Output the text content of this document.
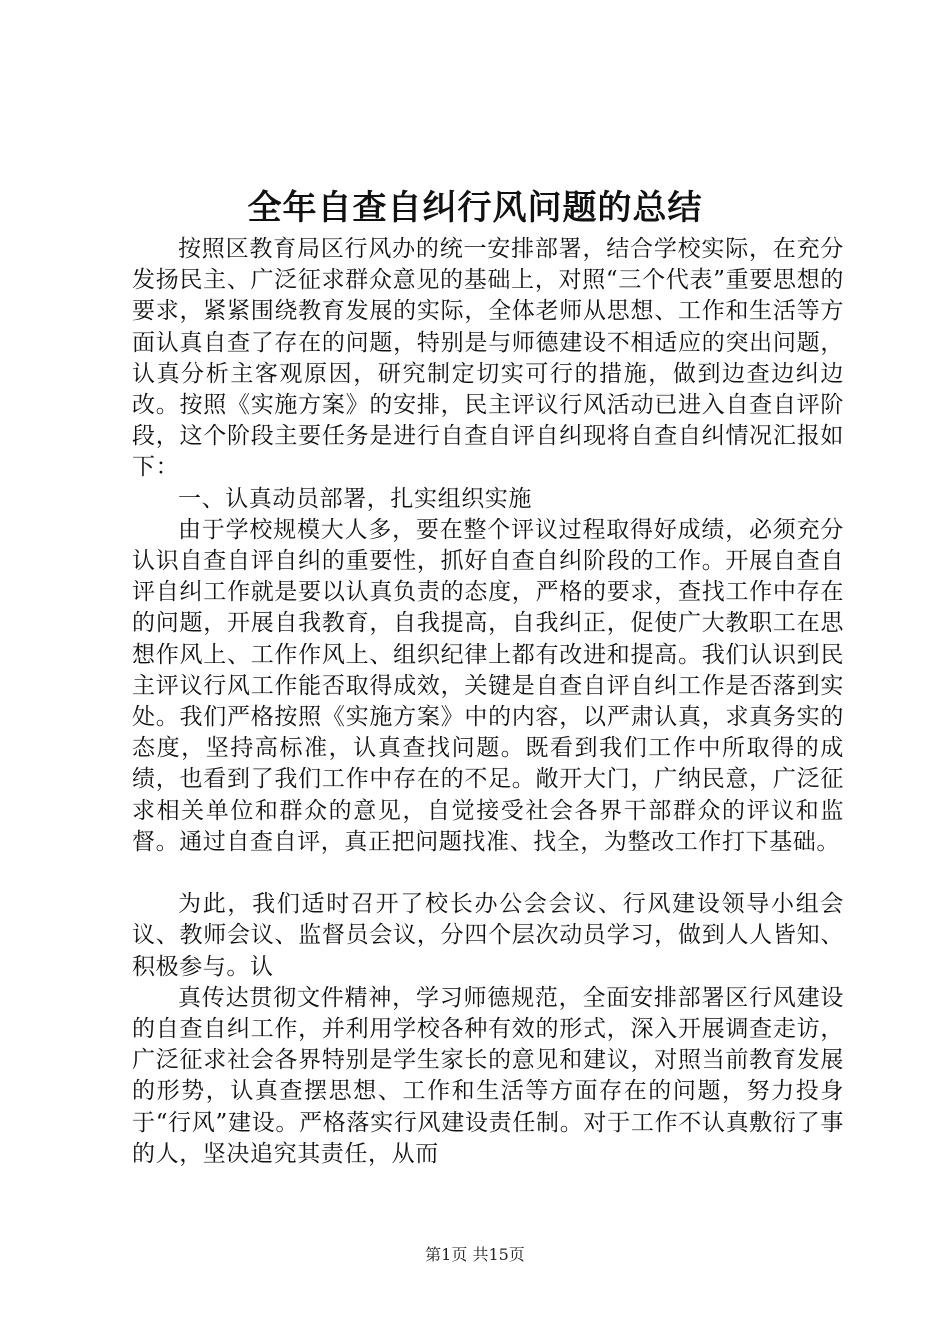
全年自查自纠行风问题的总结

按照区教育局区行风办的统一安排部署，结合学校实际，在充分发扬民主、广泛征求群众意见的基础上，对照“三个代表”重要思想的要求，紧紧围绕教育发展的实际，全体老师从思想、工作和生活等方面认真自查了存在的问题，特别是与师德建设不相适应的突出问题，认真分析主客观原因，研究制定切实可行的措施，做到边查边纠边改。按照《实施方案》的安排，民主评议行风活动已进入自查自评阶段，这个阶段主要任务是进行自查自评自纠现将自查自纠情况汇报如下：

一、认真动员部署，扎实组织实施

由于学校规模大人多，要在整个评议过程取得好成绩，必须充分认识自查自评自纠的重要性，抓好自查自纠阶段的工作。开展自查自评自纠工作就是要以认真负责的态度，严格的要求，查找工作中存在的问题，开展自我教育，自我提高，自我纠正，促使广大教职工在思想作风上、工作作风上、组织纪律上都有改进和提高。我们认识到民主评议行风工作能否取得成效，关键是自查自评自纠工作是否落到实处。我们严格按照《实施方案》中的内容，以严肃认真，求真务实的态度，坚持高标准，认真查找问题。既看到我们工作中所取得的成绩，也看到了我们工作中存在的不足。敞开大门，广纳民意，广泛征求相关单位和群众的意见，自觉接受社会各界干部群众的评议和监督。通过自查自评，真正把问题找准、找全，为整改工作打下基础。

为此，我们适时召开了校长办公会会议、行风建设领导小组会议、教师会议、监督员会议，分四个层次动员学习，做到人人皆知、积极参与。认

真传达贯彻文件精神，学习师德规范，全面安排部署区行风建设的自查自纠工作，并利用学校各种有效的形式，深入开展调查走访，广泛征求社会各界特别是学生家长的意见和建议，对照当前教育发展的形势，认真查摆思想、工作和生活等方面存在的问题，努力投身于“行风”建设。严格落实行风建设责任制。对于工作不认真敷衍了事的人，坚决追究其责任，从而

第1页 共15页
